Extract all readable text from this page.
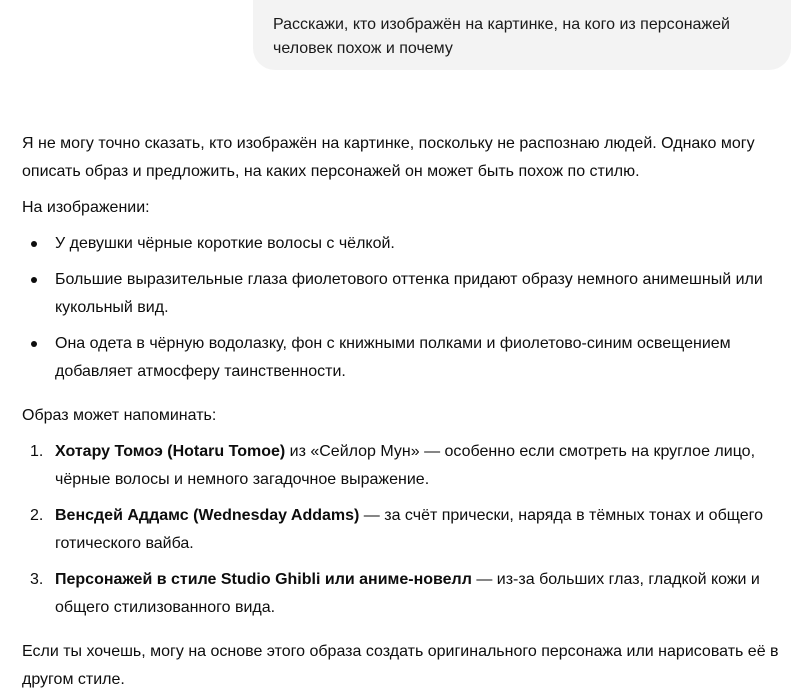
Расскажи, кто изображён на картинке, на кого из персонажей человек похож и почему

Я не могу точно сказать, кто изображён на картинке, поскольку не распознаю людей. Однако могу описать образ и предложить, на каких персонажей он может быть похож по стилю.

На изображении:

У девушки чёрные короткие волосы с чёлкой.
Большие выразительные глаза фиолетового оттенка придают образу немного анимешный или кукольный вид.
Она одета в чёрную водолазку, фон с книжными полками и фиолетово-синим освещением добавляет атмосферу таинственности.

Образ может напоминать:

1. Хотару Томоэ (Hotaru Tomoe) из «Сейлор Мун» — особенно если смотреть на круглое лицо, чёрные волосы и немного загадочное выражение.
2. Венсдей Аддамс (Wednesday Addams) — за счёт прически, наряда в тёмных тонах и общего готического вайба.
3. Персонажей в стиле Studio Ghibli или аниме-новелл — из-за больших глаз, гладкой кожи и общего стилизованного вида.

Если ты хочешь, могу на основе этого образа создать оригинального персонажа или нарисовать её в другом стиле.
